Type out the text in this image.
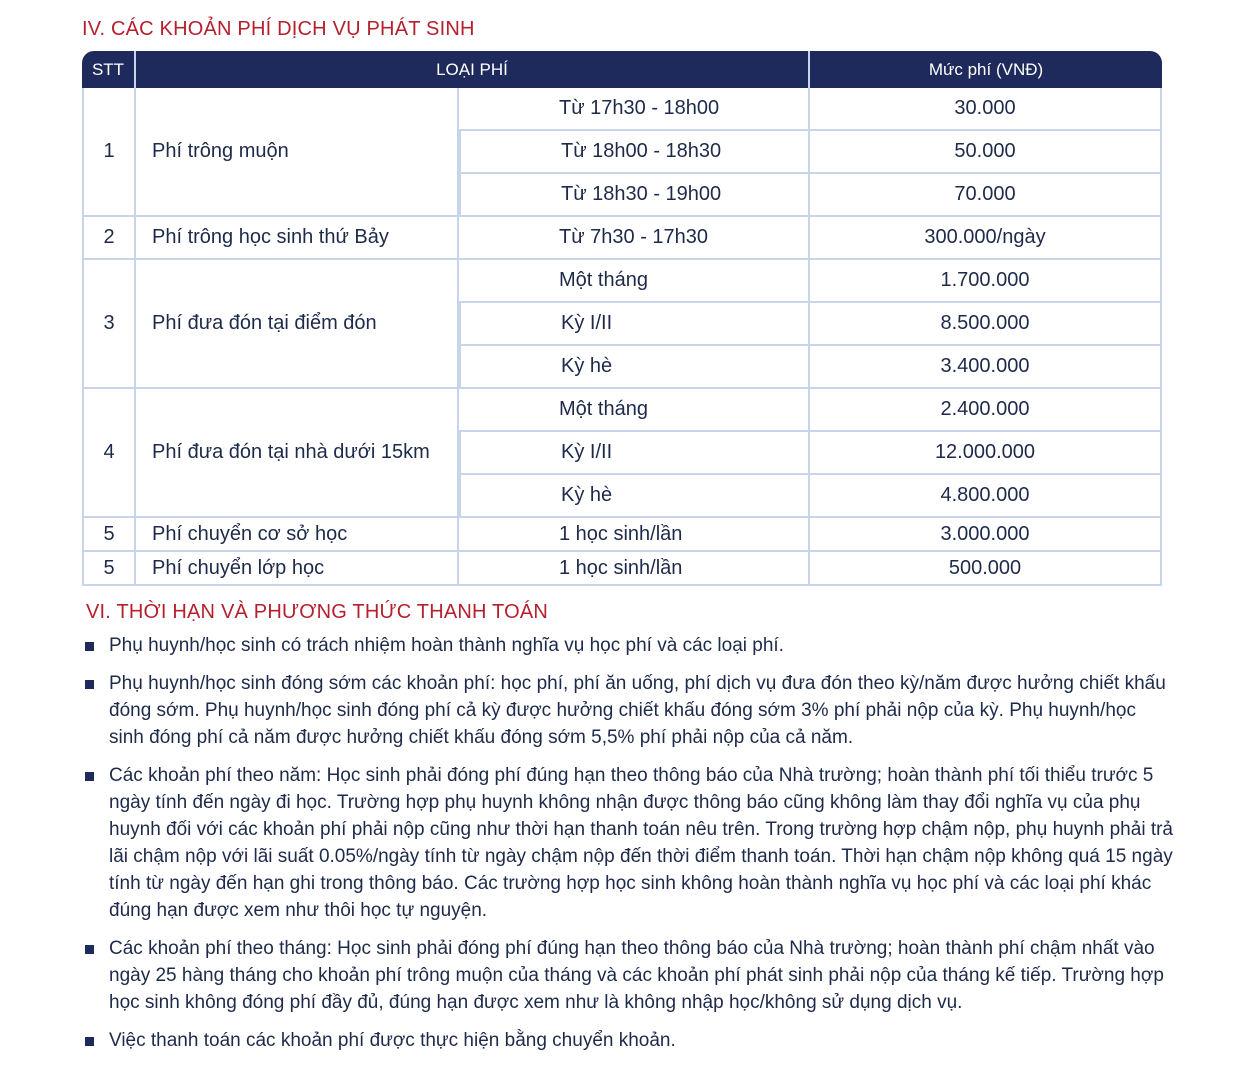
IV. CÁC KHOẢN PHÍ DỊCH VỤ PHÁT SINH
STT	LOẠI PHÍ		Mức phí (VNĐ)
1	Phí trông muộn	Từ 17h30 - 18h00	30.000
		Từ 18h00 - 18h30	50.000
		Từ 18h30 - 19h00	70.000
2	Phí trông học sinh thứ Bảy	Từ 7h30 - 17h30	300.000/ngày
3	Phí đưa đón tại điểm đón	Một tháng	1.700.000
		Kỳ I/II	8.500.000
		Kỳ hè	3.400.000
4	Phí đưa đón tại nhà dưới 15km	Một tháng	2.400.000
		Kỳ I/II	12.000.000
		Kỳ hè	4.800.000
5	Phí chuyển cơ sở học	1 học sinh/lần	3.000.000
5	Phí chuyển lớp học	1 học sinh/lần	500.000
VI. THỜI HẠN VÀ PHƯƠNG THỨC THANH TOÁN
Phụ huynh/học sinh có trách nhiệm hoàn thành nghĩa vụ học phí và các loại phí.
Phụ huynh/học sinh đóng sớm các khoản phí: học phí, phí ăn uống, phí dịch vụ đưa đón theo kỳ/năm được hưởng chiết khấu đóng sớm. Phụ huynh/học sinh đóng phí cả kỳ được hưởng chiết khấu đóng sớm 3% phí phải nộp của kỳ. Phụ huynh/học sinh đóng phí cả năm được hưởng chiết khấu đóng sớm 5,5% phí phải nộp của cả năm.
Các khoản phí theo năm: Học sinh phải đóng phí đúng hạn theo thông báo của Nhà trường; hoàn thành phí tối thiểu trước 5 ngày tính đến ngày đi học. Trường hợp phụ huynh không nhận được thông báo cũng không làm thay đổi nghĩa vụ của phụ huynh đối với các khoản phí phải nộp cũng như thời hạn thanh toán nêu trên. Trong trường hợp chậm nộp, phụ huynh phải trả lãi chậm nộp với lãi suất 0.05%/ngày tính từ ngày chậm nộp đến thời điểm thanh toán. Thời hạn chậm nộp không quá 15 ngày tính từ ngày đến hạn ghi trong thông báo. Các trường hợp học sinh không hoàn thành nghĩa vụ học phí và các loại phí khác đúng hạn được xem như thôi học tự nguyện.
Các khoản phí theo tháng: Học sinh phải đóng phí đúng hạn theo thông báo của Nhà trường; hoàn thành phí chậm nhất vào ngày 25 hàng tháng cho khoản phí trông muộn của tháng và các khoản phí phát sinh phải nộp của tháng kế tiếp. Trường hợp học sinh không đóng phí đầy đủ, đúng hạn được xem như là không nhập học/không sử dụng dịch vụ.
Việc thanh toán các khoản phí được thực hiện bằng chuyển khoản.
